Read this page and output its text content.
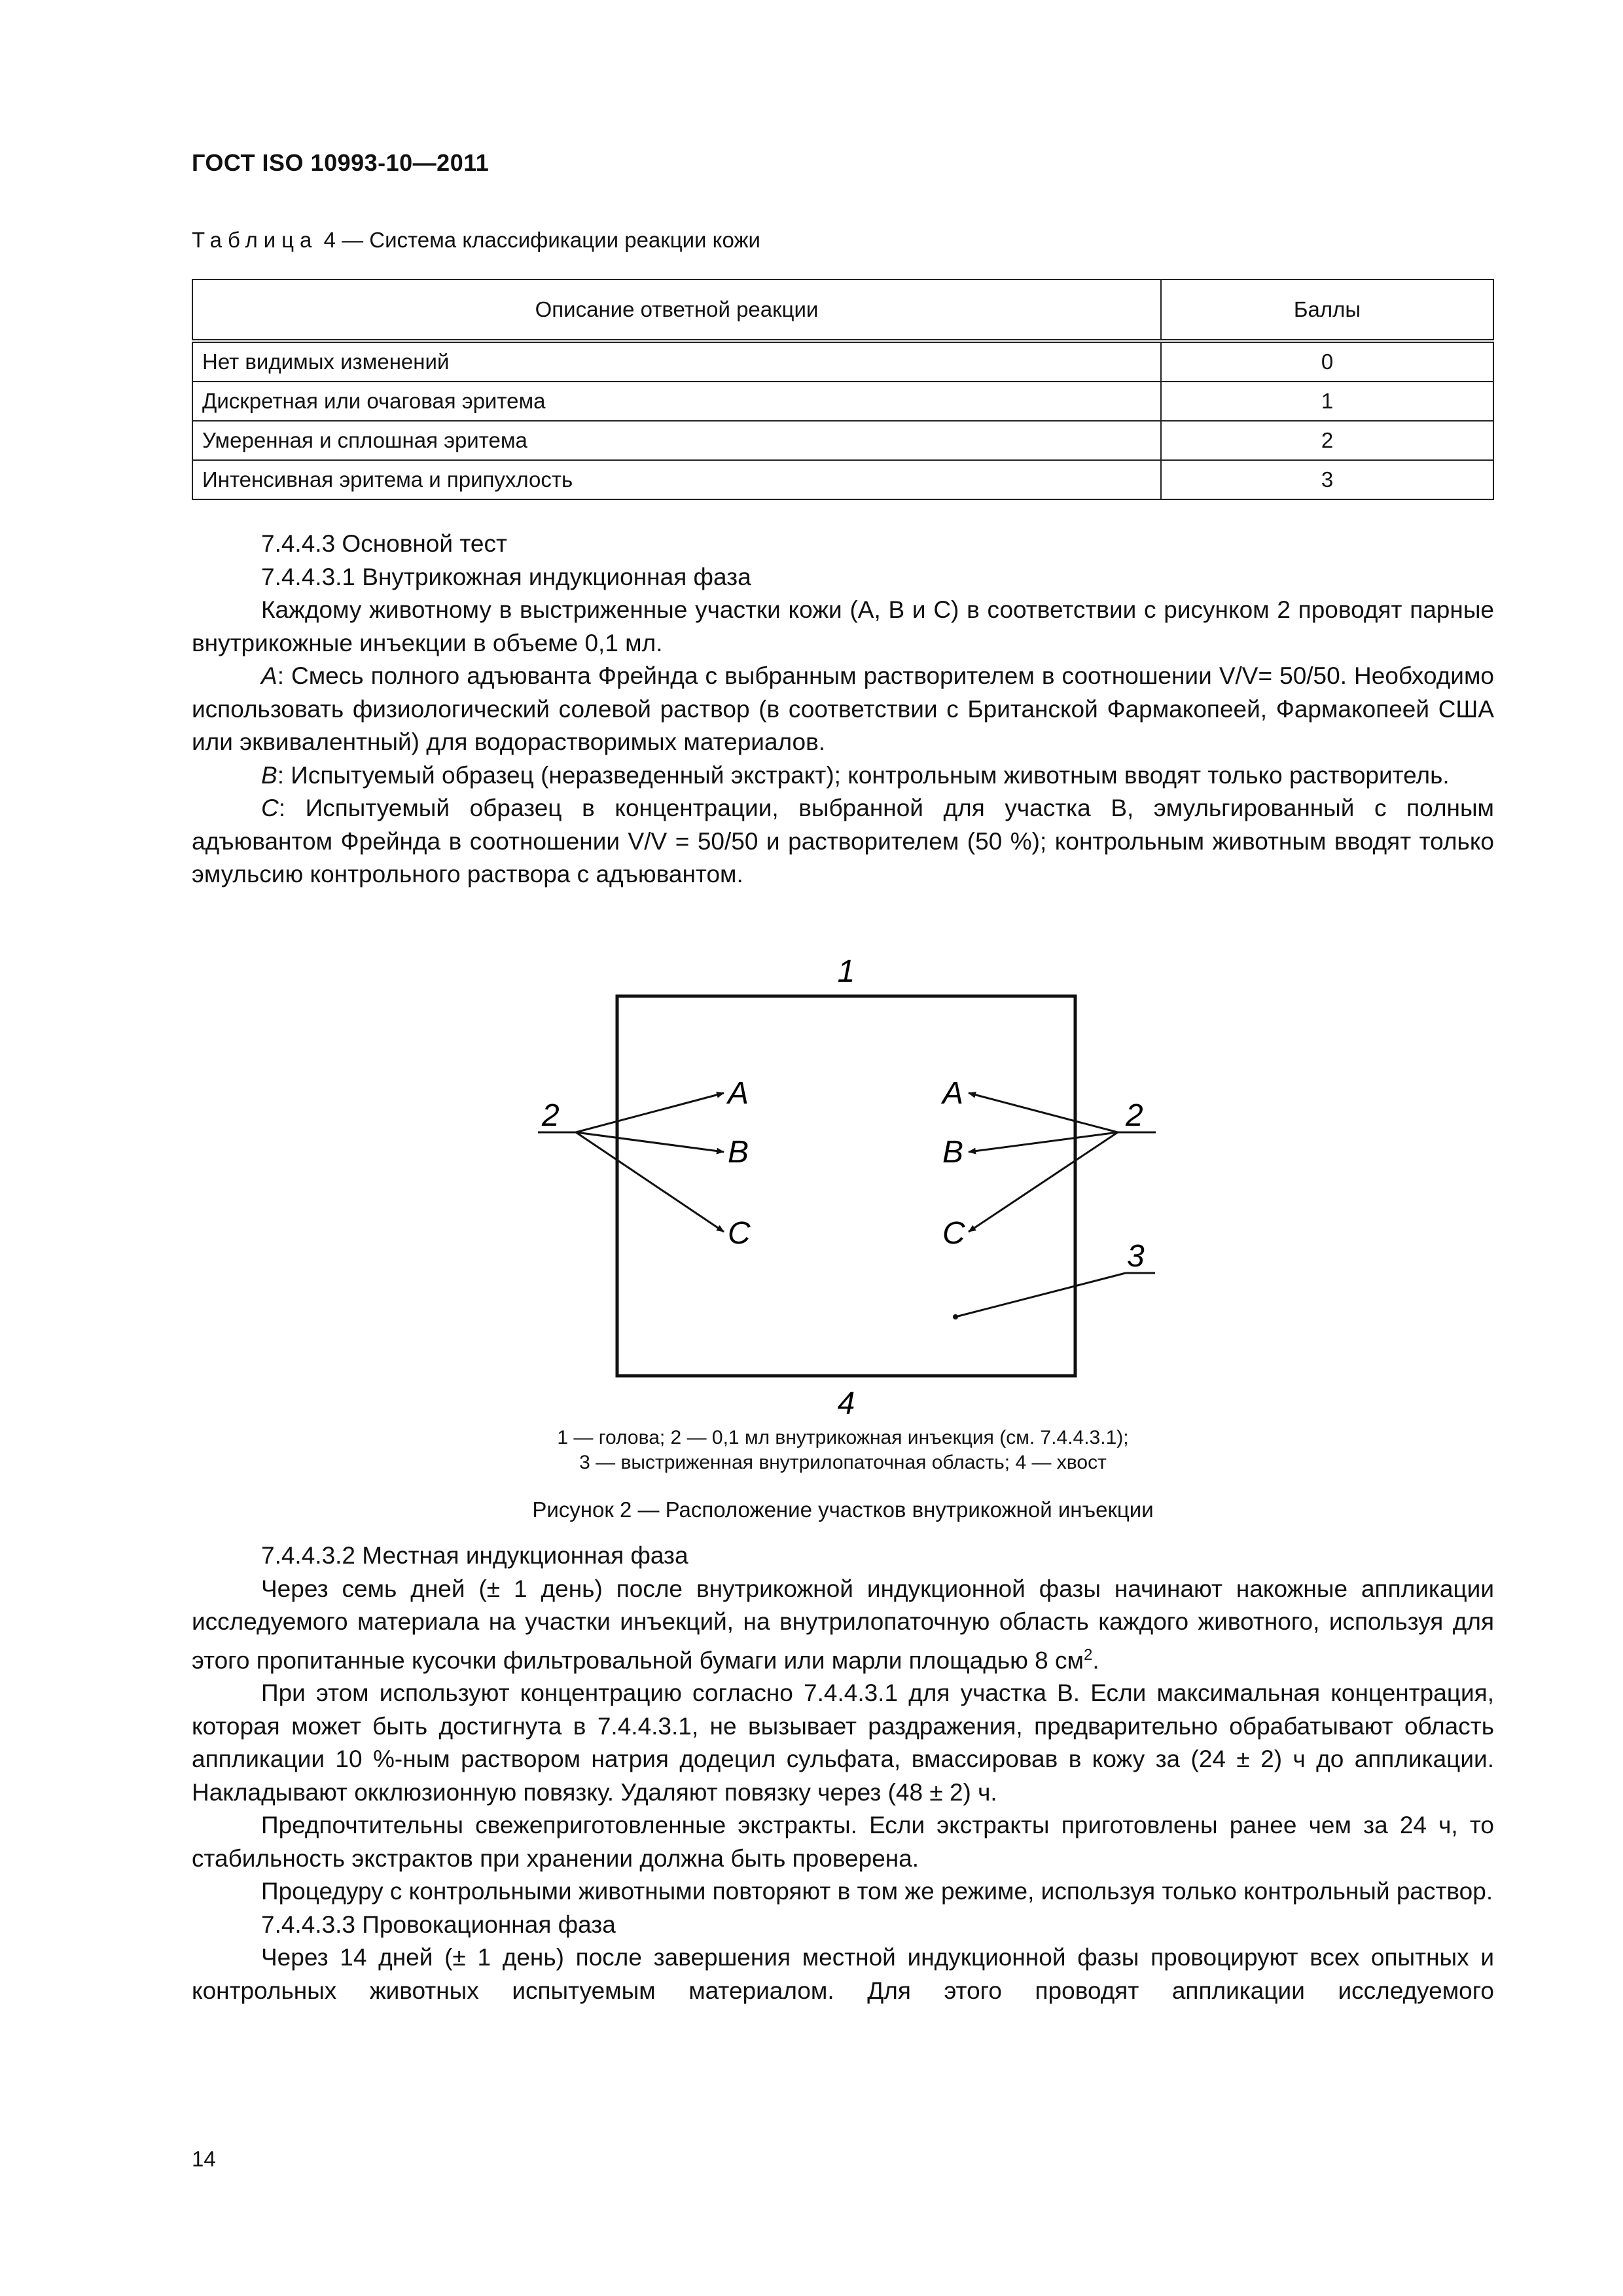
ГОСТ ISO 10993-10—2011
Таблица 4 — Система классификации реакции кожи
Описание ответной реакции	Баллы
Нет видимых изменений	0
Дискретная или очаговая эритема	1
Умеренная и сплошная эритема	2
Интенсивная эритема и припухлость	3

7.4.4.3 Основной тест

7.4.4.3.1 Внутрикожная индукционная фаза

Каждому животному в выстриженные участки кожи (A, B и C) в соответствии с рисунком 2 проводят парные внутрикожные инъекции в объеме 0,1 мл.

A: Смесь полного адъюванта Фрейнда с выбранным растворителем в соотношении V/V= 50/50. Необходимо использовать физиологический солевой раствор (в соответствии с Британской Фармакопеей, Фармакопеей США или эквивалентный) для водорастворимых материалов.

B: Испытуемый образец (неразведенный экстракт); контрольным животным вводят только растворитель.

C: Испытуемый образец в концентрации, выбранной для участка B, эмульгированный с полным адъювантом Фрейнда в соотношении V/V = 50/50 и растворителем (50 %); контрольным животным вводят только эмульсию контрольного раствора с адъювантом.

1
4
2
A
B
C
2
A
B
C
3
1 — голова; 2 — 0,1 мл внутрикожная инъекция (см. 7.4.4.3.1);
3 — выстриженная внутрилопаточная область; 4 — хвост
Рисунок 2 — Расположение участков внутрикожной инъекции

7.4.4.3.2 Местная индукционная фаза

Через семь дней (± 1 день) после внутрикожной индукционной фазы начинают накожные аппликации исследуемого материала на участки инъекций, на внутрилопаточную область каждого животного, используя для этого пропитанные кусочки фильтровальной бумаги или марли площадью 8 $см^2$.

При этом используют концентрацию согласно 7.4.4.3.1 для участка B. Если максимальная концентрация, которая может быть достигнута в 7.4.4.3.1, не вызывает раздражения, предварительно обрабатывают область аппликации 10 %-ным раствором натрия додецил сульфата, вмассировав в кожу за (24 ± 2) ч до аппликации. Накладывают окклюзионную повязку. Удаляют повязку через (48 ± 2) ч.

Предпочтительны свежеприготовленные экстракты. Если экстракты приготовлены ранее чем за 24 ч, то стабильность экстрактов при хранении должна быть проверена.

Процедуру с контрольными животными повторяют в том же режиме, используя только контрольный раствор.

7.4.4.3.3 Провокационная фаза

Через 14 дней (± 1 день) после завершения местной индукционной фазы провоцируют всех опытных и контрольных животных испытуемым материалом. Для этого проводят аппликации исследуемого

14
